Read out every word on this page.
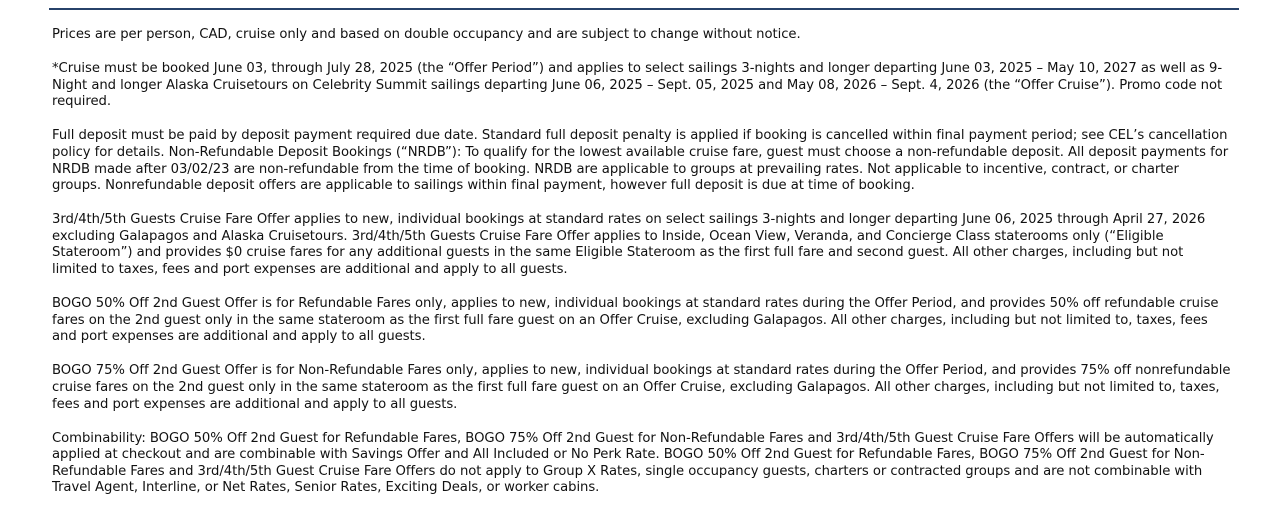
Prices are per person, CAD, cruise only and based on double occupancy and are subject to change without notice.

*Cruise must be booked June 03, through July 28, 2025 (the “Offer Period”) and applies to select sailings 3-nights and longer departing June 03, 2025 – May 10, 2027 as well as 9-Night and longer Alaska Cruisetours on Celebrity Summit sailings departing June 06, 2025 – Sept. 05, 2025 and May 08, 2026 – Sept. 4, 2026 (the “Offer Cruise”). Promo code not required.

Full deposit must be paid by deposit payment required due date. Standard full deposit penalty is applied if booking is cancelled within final payment period; see CEL’s cancellation policy for details. Non-Refundable Deposit Bookings (“NRDB”): To qualify for the lowest available cruise fare, guest must choose a non-refundable deposit. All deposit payments for NRDB made after 03/02/23 are non-refundable from the time of booking. NRDB are applicable to groups at prevailing rates. Not applicable to incentive, contract, or charter groups. Nonrefundable deposit offers are applicable to sailings within final payment, however full deposit is due at time of booking.

3rd/4th/5th Guests Cruise Fare Offer applies to new, individual bookings at standard rates on select sailings 3-nights and longer departing June 06, 2025 through April 27, 2026 excluding Galapagos and Alaska Cruisetours. 3rd/4th/5th Guests Cruise Fare Offer applies to Inside, Ocean View, Veranda, and Concierge Class staterooms only (“Eligible Stateroom”) and provides $0 cruise fares for any additional guests in the same Eligible Stateroom as the first full fare and second guest. All other charges, including but not limited to taxes, fees and port expenses are additional and apply to all guests.

BOGO 50% Off 2nd Guest Offer is for Refundable Fares only, applies to new, individual bookings at standard rates during the Offer Period, and provides 50% off refundable cruise fares on the 2nd guest only in the same stateroom as the first full fare guest on an Offer Cruise, excluding Galapagos. All other charges, including but not limited to, taxes, fees and port expenses are additional and apply to all guests.

BOGO 75% Off 2nd Guest Offer is for Non-Refundable Fares only, applies to new, individual bookings at standard rates during the Offer Period, and provides 75% off nonrefundable cruise fares on the 2nd guest only in the same stateroom as the first full fare guest on an Offer Cruise, excluding Galapagos. All other charges, including but not limited to, taxes, fees and port expenses are additional and apply to all guests.

Combinability: BOGO 50% Off 2nd Guest for Refundable Fares, BOGO 75% Off 2nd Guest for Non-Refundable Fares and 3rd/4th/5th Guest Cruise Fare Offers will be automatically applied at checkout and are combinable with Savings Offer and All Included or No Perk Rate. BOGO 50% Off 2nd Guest for Refundable Fares, BOGO 75% Off 2nd Guest for Non-Refundable Fares and 3rd/4th/5th Guest Cruise Fare Offers do not apply to Group X Rates, single occupancy guests, charters or contracted groups and are not combinable with Travel Agent, Interline, or Net Rates, Senior Rates, Exciting Deals, or worker cabins.
